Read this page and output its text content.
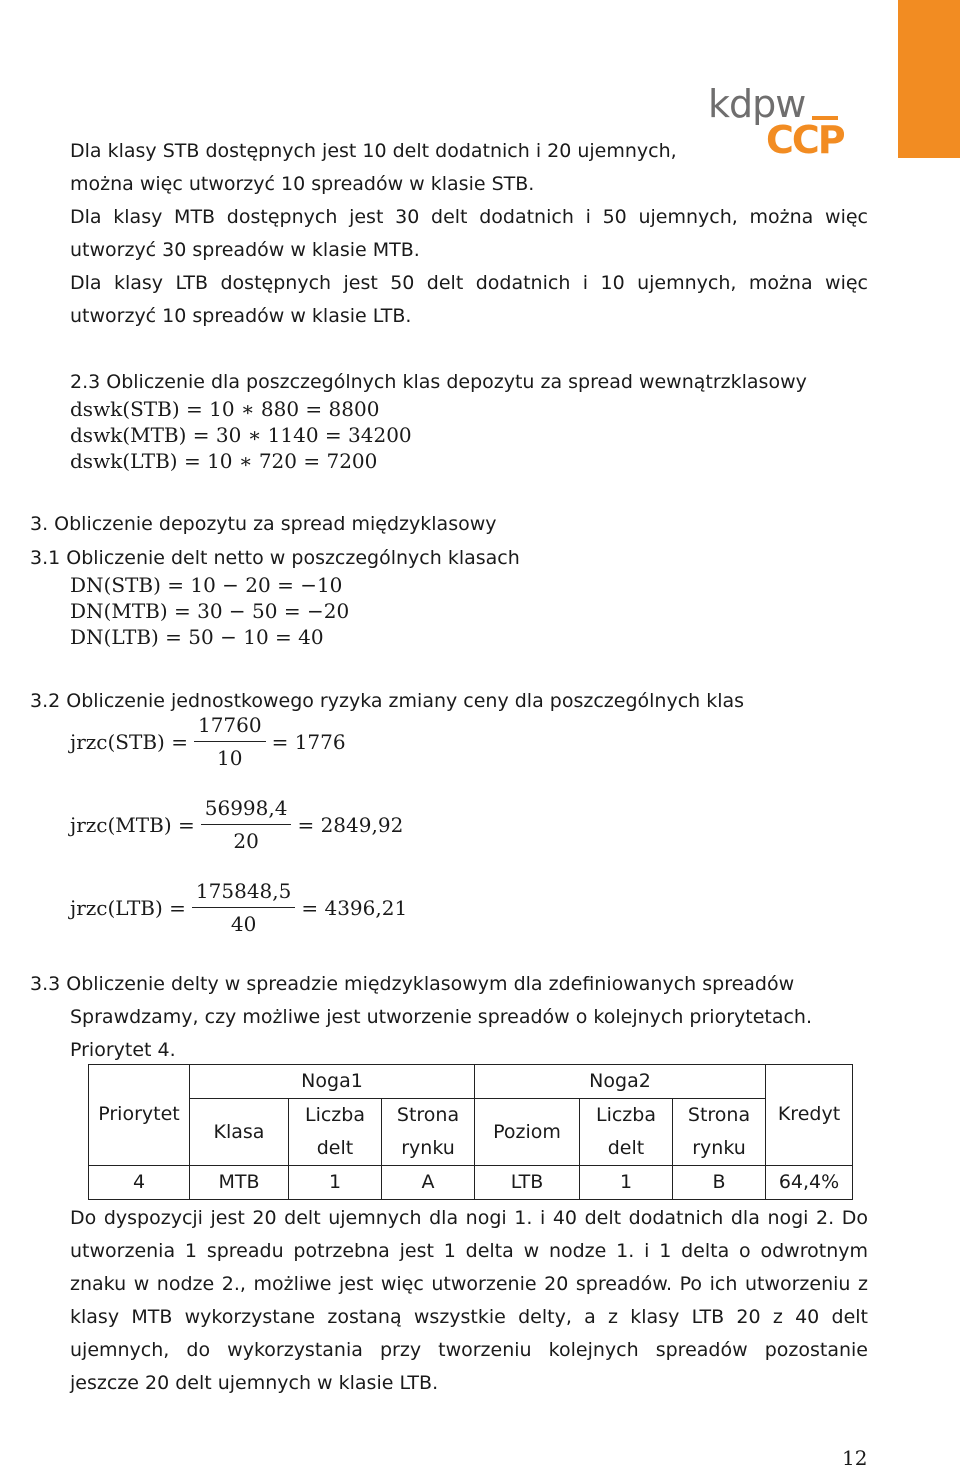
kdpw
CCP
Dla klasy STB dostępnych jest 10 delt dodatnich i 20 ujemnych,
można więc utworzyć 10 spreadów w klasie STB.
Dla klasy MTB dostępnych jest 30 delt dodatnich i 50 ujemnych, można więc
utworzyć 30 spreadów w klasie MTB.
Dla klasy LTB dostępnych jest 50 delt dodatnich i 10 ujemnych, można więc
utworzyć 10 spreadów w klasie LTB.
2.3 Obliczenie dla poszczególnych klas depozytu za spread wewnątrzklasowy
dswk(STB) = 10 ∗ 880 = 8800
dswk(MTB) = 30 ∗ 1140 = 34200
dswk(LTB) = 10 ∗ 720 = 7200
3. Obliczenie depozytu za spread międzyklasowy
3.1 Obliczenie delt netto w poszczególnych klasach
DN(STB) = 10 − 20 = −10
DN(MTB) = 30 − 50 = −20
DN(LTB) = 50 − 10 = 40
3.2 Obliczenie jednostkowego ryzyka zmiany ceny dla poszczególnych klas
jrzc(STB) = $\frac{17760}{10} = 1776$
jrzc(MTB) = $\frac{56998,4}{20} = 2849,92$
jrzc(LTB) = $\frac{175848,5}{40} = 4396,21$
3.3 Obliczenie delty w spreadzie międzyklasowym dla zdefiniowanych spreadów
Sprawdzamy, czy możliwe jest utworzenie spreadów o kolejnych priorytetach.
Priorytet 4.
Priorytet	Noga1			Noga2			Kredyt
	Klasa	Liczba	Strona	Poziom	Liczba	Strona	
		delt	rynku		delt	rynku	
4	MTB	1	A	LTB	1	B	64,4%
Do dyspozycji jest 20 delt ujemnych dla nogi 1. i 40 delt dodatnich dla nogi 2. Do
utworzenia 1 spreadu potrzebna jest 1 delta w nodze 1. i 1 delta o odwrotnym
znaku w nodze 2., możliwe jest więc utworzenie 20 spreadów. Po ich utworzeniu z
klasy MTB wykorzystane zostaną wszystkie delty, a z klasy LTB 20 z 40 delt
ujemnych, do wykorzystania przy tworzeniu kolejnych spreadów pozostanie
jeszcze 20 delt ujemnych w klasie LTB.
12
